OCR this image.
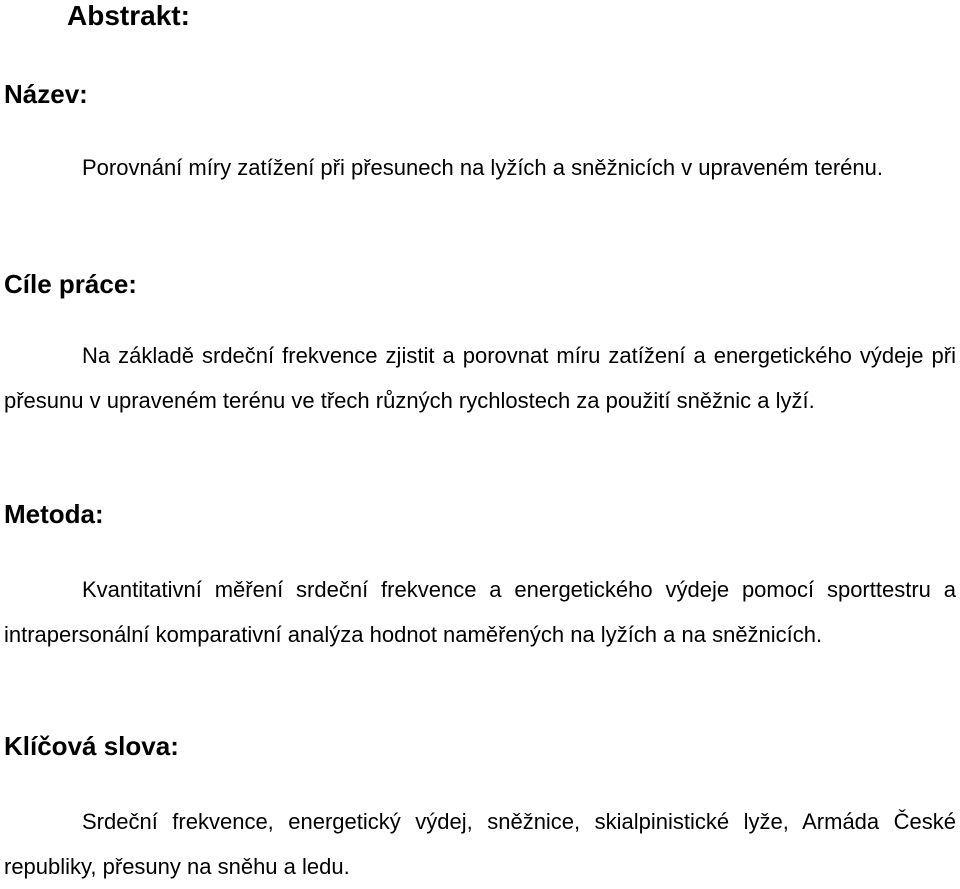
Abstrakt:
Název:

Porovnání míry zatížení při přesunech na lyžích a sněžnicích v upraveném terénu.

Cíle práce:

Na základě srdeční frekvence zjistit a porovnat míru zatížení a energetického výdeje při přesunu v upraveném terénu ve třech různých rychlostech za použití sněžnic a lyží.

Metoda:

Kvantitativní měření srdeční frekvence a energetického výdeje pomocí sporttestru a intrapersonální komparativní analýza hodnot naměřených na lyžích a na sněžnicích.

Klíčová slova:

Srdeční frekvence, energetický výdej, sněžnice, skialpinistické lyže, Armáda České republiky, přesuny na sněhu a ledu.
